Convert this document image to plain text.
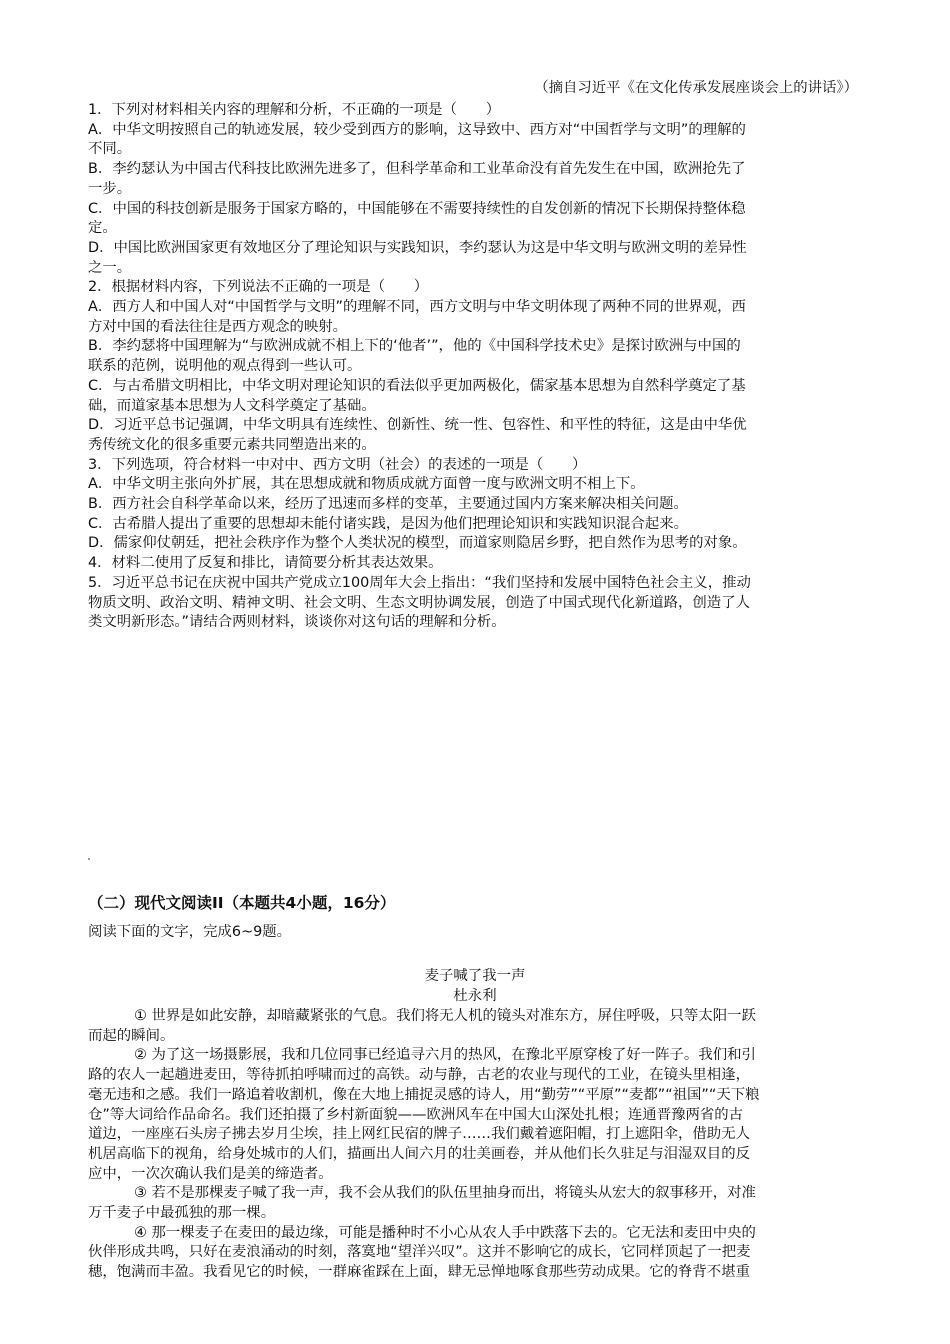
（摘自习近平《在文化传承发展座谈会上的讲话》）
1．下列对材料相关内容的理解和分析，不正确的一项是（　　）
A．中华文明按照自己的轨迹发展，较少受到西方的影响，这导致中、西方对“中国哲学与文明”的理解的
不同。
B．李约瑟认为中国古代科技比欧洲先进多了，但科学革命和工业革命没有首先发生在中国，欧洲抢先了
一步。
C．中国的科技创新是服务于国家方略的，中国能够在不需要持续性的自发创新的情况下长期保持整体稳
定。
D．中国比欧洲国家更有效地区分了理论知识与实践知识，李约瑟认为这是中华文明与欧洲文明的差异性
之一。
2．根据材料内容，下列说法不正确的一项是（　　）
A．西方人和中国人对“中国哲学与文明”的理解不同，西方文明与中华文明体现了两种不同的世界观，西
方对中国的看法往往是西方观念的映射。
B．李约瑟将中国理解为“与欧洲成就不相上下的‘他者’”，他的《中国科学技术史》是探讨欧洲与中国的
联系的范例，说明他的观点得到一些认可。
C．与古希腊文明相比，中华文明对理论知识的看法似乎更加两极化，儒家基本思想为自然科学奠定了基
础，而道家基本思想为人文科学奠定了基础。
D．习近平总书记强调，中华文明具有连续性、创新性、统一性、包容性、和平性的特征，这是由中华优
秀传统文化的很多重要元素共同塑造出来的。
3．下列选项，符合材料一中对中、西方文明（社会）的表述的一项是（　　）
A．中华文明主张向外扩展，其在思想成就和物质成就方面曾一度与欧洲文明不相上下。
B．西方社会自科学革命以来，经历了迅速而多样的变革，主要通过国内方案来解决相关问题。
C．古希腊人提出了重要的思想却未能付诸实践，是因为他们把理论知识和实践知识混合起来。
D．儒家仰仗朝廷，把社会秩序作为整个人类状况的模型，而道家则隐居乡野，把自然作为思考的对象。
4．材料二使用了反复和排比，请简要分析其表达效果。
5．习近平总书记在庆祝中国共产党成立100周年大会上指出：“我们坚持和发展中国特色社会主义，推动
物质文明、政治文明、精神文明、社会文明、生态文明协调发展，创造了中国式现代化新道路，创造了人
类文明新形态。”请结合两则材料，谈谈你对这句话的理解和分析。
（二）现代文阅读II（本题共4小题，16分）
阅读下面的文字，完成6~9题。
麦子喊了我一声
杜永利

① 世界是如此安静，却暗藏紧张的气息。我们将无人机的镜头对准东方，屏住呼吸，只等太阳一跃

而起的瞬间。

② 为了这一场摄影展，我和几位同事已经追寻六月的热风，在豫北平原穿梭了好一阵子。我们和引

路的农人一起趟进麦田，等待抓拍呼啸而过的高铁。动与静，古老的农业与现代的工业，在镜头里相逢，

毫无违和之感。我们一路追着收割机，像在大地上捕捉灵感的诗人，用“勤劳”“平原”“麦都”“祖国”“天下粮

仓”等大词给作品命名。我们还拍摄了乡村新面貌——欧洲风车在中国大山深处扎根；连通晋豫两省的古

道边，一座座石头房子拂去岁月尘埃，挂上网红民宿的牌子……我们戴着遮阳帽，打上遮阳伞，借助无人

机居高临下的视角，给身处城市的人们，描画出人间六月的壮美画卷，并从他们长久驻足与泪湿双目的反

应中，一次次确认我们是美的缔造者。

③ 若不是那棵麦子喊了我一声，我不会从我们的队伍里抽身而出，将镜头从宏大的叙事移开，对准

万千麦子中最孤独的那一棵。

④ 那一棵麦子在麦田的最边缘，可能是播种时不小心从农人手中跌落下去的。它无法和麦田中央的

伙伴形成共鸣，只好在麦浪涌动的时刻，落寞地“望洋兴叹”。这并不影响它的成长，它同样顶起了一把麦

穗，饱满而丰盈。我看见它的时候，一群麻雀踩在上面，肆无忌惮地啄食那些劳动成果。它的脊背不堪重
